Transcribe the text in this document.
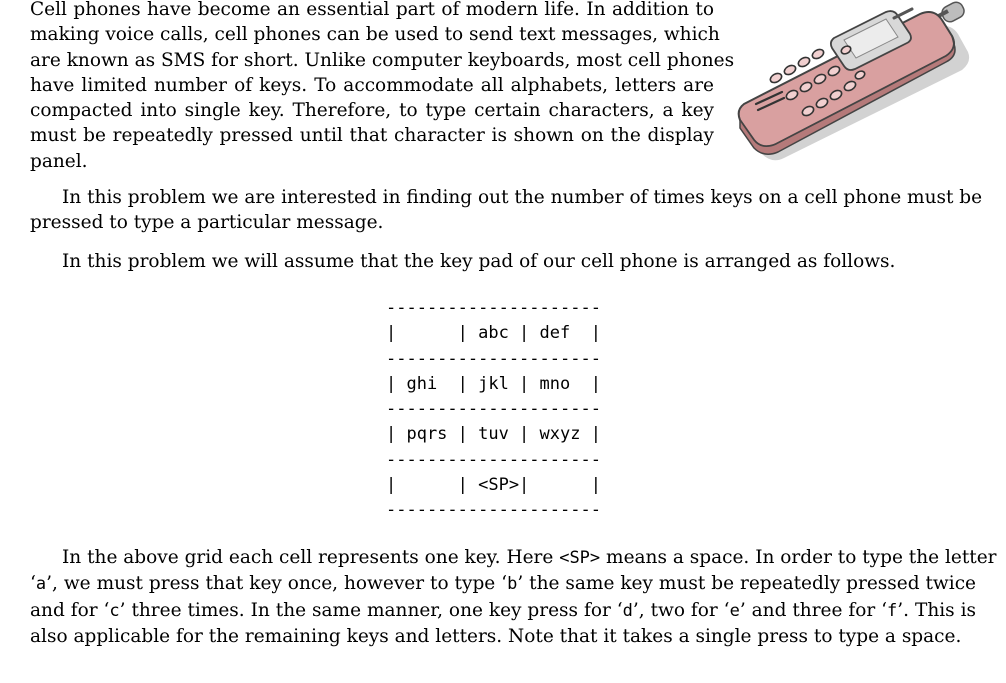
Cell phones have become an essential part of modern life. In addition to
making voice calls, cell phones can be used to send text messages, which
are known as SMS for short. Unlike computer keyboards, most cell phones
have limited number of keys. To accommodate all alphabets, letters are
compacted into single key. Therefore, to type certain characters, a key
must be repeatedly pressed until that character is shown on the display
panel.

In this problem we are interested in finding out the number of times keys on a cell phone must be
pressed to type a particular message.

In this problem we will assume that the key pad of our cell phone is arranged as follows.

---------------------
|      | abc | def  |
---------------------
| ghi  | jkl | mno  |
---------------------
| pqrs | tuv | wxyz |
---------------------
|      | <SP>|      |
---------------------

In the above grid each cell represents one key. Here <SP> means a space. In order to type the letter
‘a’, we must press that key once, however to type ‘b’ the same key must be repeatedly pressed twice
and for ‘c’ three times. In the same manner, one key press for ‘d’, two for ‘e’ and three for ‘f’. This is
also applicable for the remaining keys and letters. Note that it takes a single press to type a space.
